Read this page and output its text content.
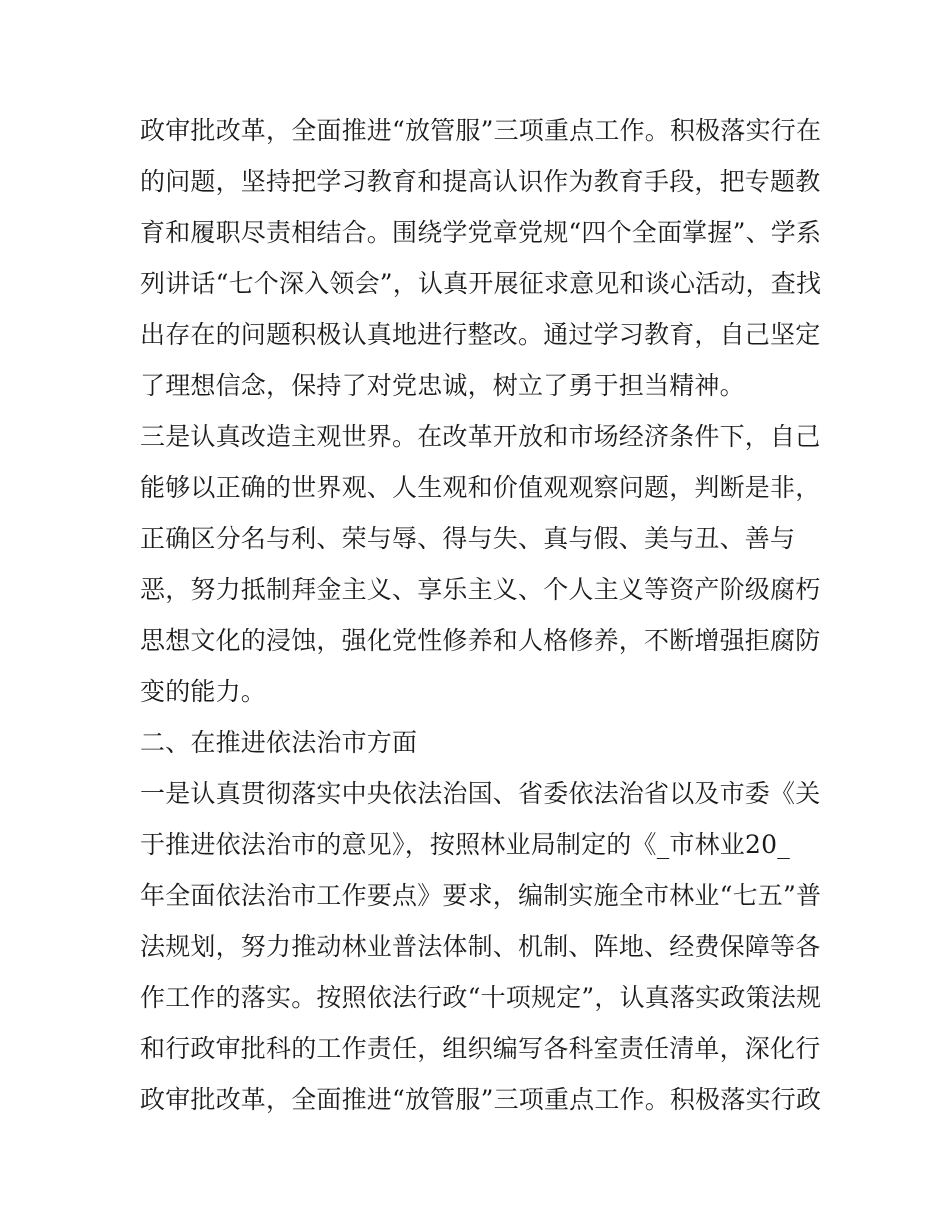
政审批改革，全面推进“放管服”三项重点工作。积极落实行在
的问题，坚持把学习教育和提高认识作为教育手段，把专题教
育和履职尽责相结合。围绕学党章党规“四个全面掌握”、学系
列讲话“七个深入领会”，认真开展征求意见和谈心活动，查找
出存在的问题积极认真地进行整改。通过学习教育，自己坚定
了理想信念，保持了对党忠诚，树立了勇于担当精神。
三是认真改造主观世界。在改革开放和市场经济条件下，自己
能够以正确的世界观、人生观和价值观观察问题，判断是非，
正确区分名与利、荣与辱、得与失、真与假、美与丑、善与
恶，努力抵制拜金主义、享乐主义、个人主义等资产阶级腐朽
思想文化的浸蚀，强化党性修养和人格修养，不断增强拒腐防
变的能力。
二、在推进依法治市方面
一是认真贯彻落实中央依法治国、省委依法治省以及市委《关
于推进依法治市的意见》，按照林业局制定的《_市林业20_
年全面依法治市工作要点》要求，编制实施全市林业“七五”普
法规划，努力推动林业普法体制、机制、阵地、经费保障等各
作工作的落实。按照依法行政“十项规定”，认真落实政策法规
和行政审批科的工作责任，组织编写各科室责任清单，深化行
政审批改革，全面推进“放管服”三项重点工作。积极落实行政
